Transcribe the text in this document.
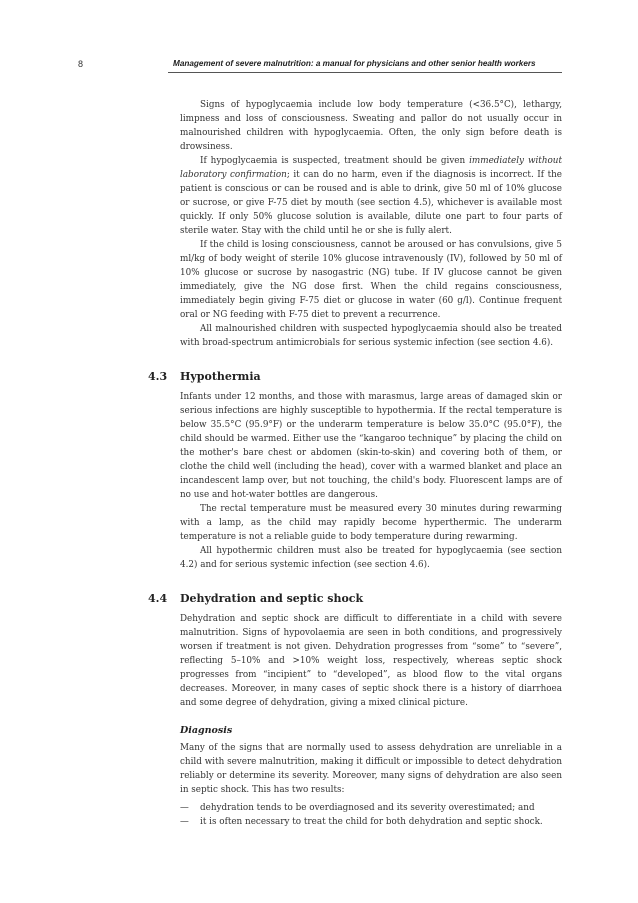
8	Management of severe malnutrition: a manual for physicians and other senior health workers

Signs of hypoglycaemia include low body temperature (<36.5°C), lethargy, limpness and loss of consciousness. Sweating and pallor do not usually occur in malnourished children with hypoglycaemia. Often, the only sign before death is drowsiness.

If hypoglycaemia is suspected, treatment should be given immediately without laboratory confirmation; it can do no harm, even if the diagnosis is incorrect. If the patient is conscious or can be roused and is able to drink, give 50 ml of 10% glucose or sucrose, or give F-75 diet by mouth (see section 4.5), whichever is available most quickly. If only 50% glucose solution is available, dilute one part to four parts of sterile water. Stay with the child until he or she is fully alert.

If the child is losing consciousness, cannot be aroused or has convulsions, give 5 ml/kg of body weight of sterile 10% glucose intravenously (IV), followed by 50 ml of 10% glucose or sucrose by nasogastric (NG) tube. If IV glucose cannot be given immediately, give the NG dose first. When the child regains consciousness, immediately begin giving F-75 diet or glucose in water (60 g/l). Continue frequent oral or NG feeding with F-75 diet to prevent a recurrence.

All malnourished children with suspected hypoglycaemia should also be treated with broad-spectrum antimicrobials for serious systemic infection (see section 4.6).

4.3 Hypothermia

Infants under 12 months, and those with marasmus, large areas of damaged skin or serious infections are highly susceptible to hypothermia. If the rectal temperature is below 35.5°C (95.9°F) or the underarm temperature is below 35.0°C (95.0°F), the child should be warmed. Either use the “kangaroo technique” by placing the child on the mother's bare chest or abdomen (skin-to-skin) and covering both of them, or clothe the child well (including the head), cover with a warmed blanket and place an incandescent lamp over, but not touching, the child's body. Fluorescent lamps are of no use and hot-water bottles are dangerous.

The rectal temperature must be measured every 30 minutes during rewarming with a lamp, as the child may rapidly become hyperthermic. The underarm temperature is not a reliable guide to body temperature during rewarming.

All hypothermic children must also be treated for hypoglycaemia (see section 4.2) and for serious systemic infection (see section 4.6).

4.4 Dehydration and septic shock

Dehydration and septic shock are difficult to differentiate in a child with severe malnutrition. Signs of hypovolaemia are seen in both conditions, and progressively worsen if treatment is not given. Dehydration progresses from “some” to “severe”, reflecting 5–10% and >10% weight loss, respectively, whereas septic shock progresses from “incipient” to “developed”, as blood flow to the vital organs decreases. Moreover, in many cases of septic shock there is a history of diarrhoea and some degree of dehydration, giving a mixed clinical picture.

Diagnosis

Many of the signs that are normally used to assess dehydration are unreliable in a child with severe malnutrition, making it difficult or impossible to detect dehydration reliably or determine its severity. Moreover, many signs of dehydration are also seen in septic shock. This has two results:

— dehydration tends to be overdiagnosed and its severity overestimated; and
— it is often necessary to treat the child for both dehydration and septic shock.
